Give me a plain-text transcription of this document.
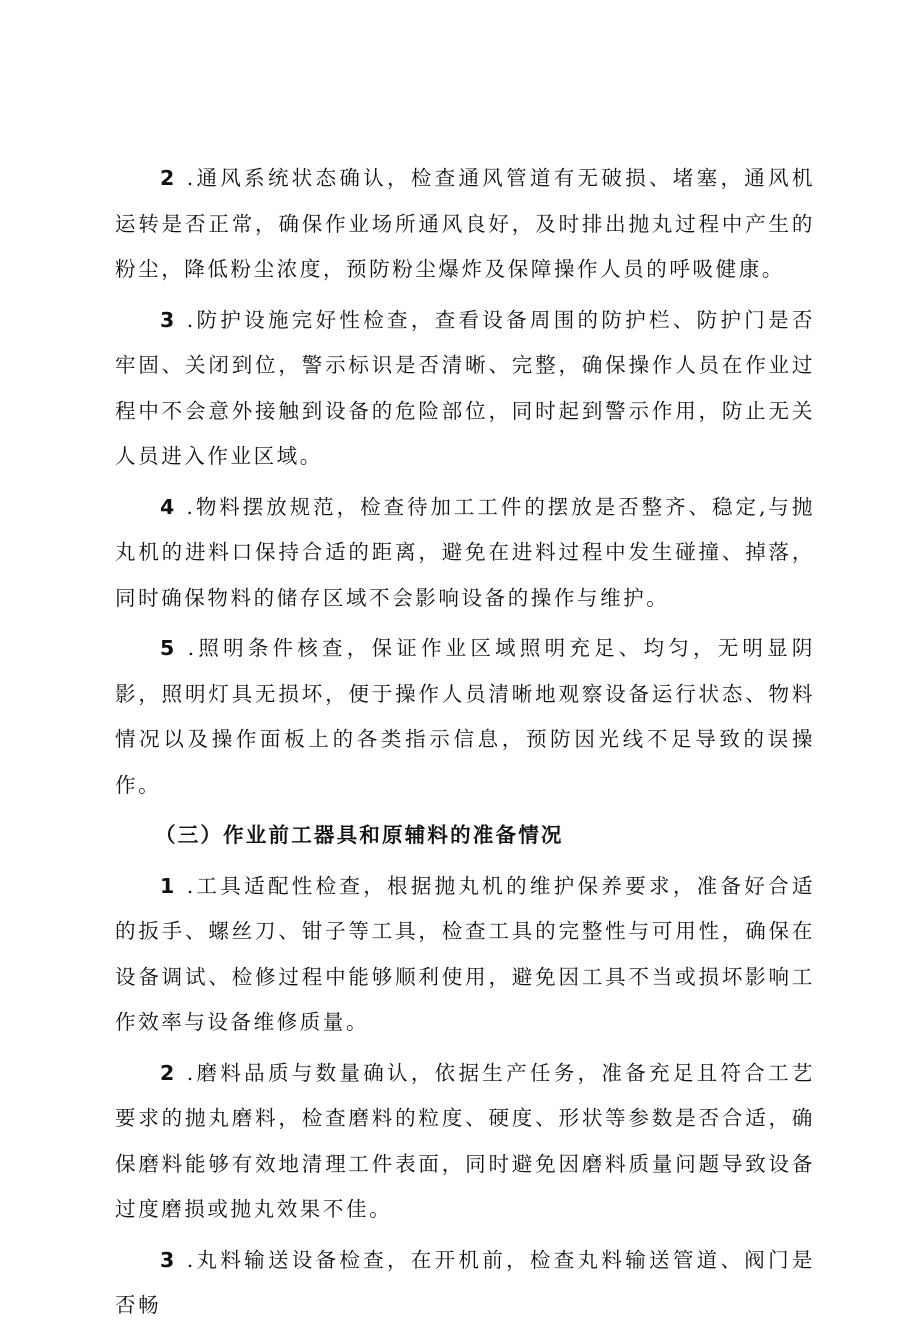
2 .通风系统状态确认，检查通风管道有无破损、堵塞，通风机运转是否正常，确保作业场所通风良好，及时排出抛丸过程中产生的粉尘，降低粉尘浓度，预防粉尘爆炸及保障操作人员的呼吸健康。

3 .防护设施完好性检查，查看设备周围的防护栏、防护门是否牢固、关闭到位，警示标识是否清晰、完整，确保操作人员在作业过程中不会意外接触到设备的危险部位，同时起到警示作用，防止无关人员进入作业区域。

4 .物料摆放规范，检查待加工工件的摆放是否整齐、稳定,与抛丸机的进料口保持合适的距离，避免在进料过程中发生碰撞、掉落，同时确保物料的储存区域不会影响设备的操作与维护。

5 .照明条件核查，保证作业区域照明充足、均匀，无明显阴影，照明灯具无损坏，便于操作人员清晰地观察设备运行状态、物料情况以及操作面板上的各类指示信息，预防因光线不足导致的误操作。

（三）作业前工器具和原辅料的准备情况

1 .工具适配性检查，根据抛丸机的维护保养要求，准备好合适的扳手、螺丝刀、钳子等工具，检查工具的完整性与可用性，确保在设备调试、检修过程中能够顺利使用，避免因工具不当或损坏影响工作效率与设备维修质量。

2 .磨料品质与数量确认，依据生产任务，准备充足且符合工艺要求的抛丸磨料，检查磨料的粒度、硬度、形状等参数是否合适，确保磨料能够有效地清理工件表面，同时避免因磨料质量问题导致设备过度磨损或抛丸效果不佳。

3 .丸料输送设备检查，在开机前，检查丸料输送管道、阀门是否畅
